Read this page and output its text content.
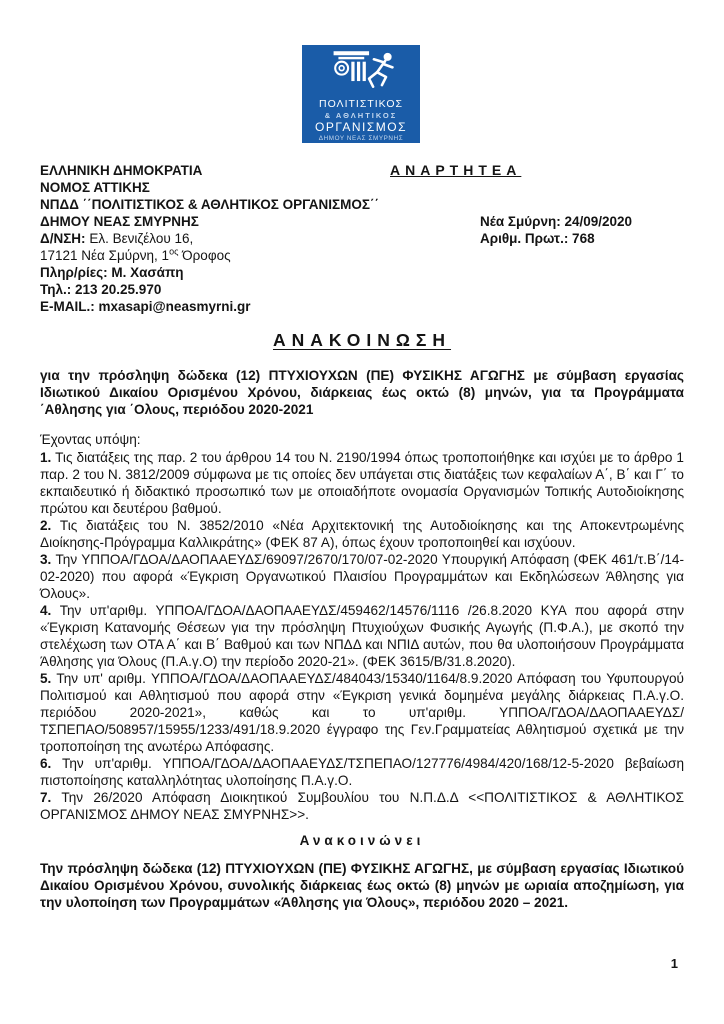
ΠΟΛΙΤΙΣΤΙΚΟΣ
& ΑΘΛΗΤΙΚΟΣ
ΟΡΓΑΝΙΣΜΟΣ
ΔΗΜΟΥ ΝΕΑΣ ΣΜΥΡΝΗΣ
ΕΛΛΗΝΙΚΗ ΔΗΜΟΚΡΑΤΙΑ
ΝΟΜΟΣ ΑΤΤΙΚΗΣ
ΝΠΔΔ ΄΄ΠΟΛΙΤΙΣΤΙΚΟΣ & ΑΘΛΗΤΙΚΟΣ ΟΡΓΑΝΙΣΜΟΣ΄΄
ΔΗΜΟΥ ΝΕΑΣ ΣΜΥΡΝΗΣ
Δ/ΝΣΗ: Ελ. Βενιζέλου 16,
17121 Νέα Σμύρνη, $1^{o\varsigma}$ Όροφος
Πληρ/ρίες: Μ. Χασάπη
Τηλ.: 213 20.25.970
E-MAIL.: mxasapi@neasmyrni.gr
ΑΝΑΡΤΗΤΕΑ
Νέα Σμύρνη: 24/09/2020
Αριθμ. Πρωτ.: 768
ΑΝΑΚΟΙΝΩΣΗ

για την πρόσληψη δώδεκα (12) ΠΤΥΧΙΟΥΧΩΝ (ΠΕ) ΦΥΣΙΚΗΣ ΑΓΩΓΗΣ με σύμβαση εργασίας Ιδιωτικού Δικαίου Ορισμένου Χρόνου, διάρκειας έως οκτώ (8) μηνών, για τα Προγράμματα ΄Αθλησης για ΄Ολους, περιόδου 2020-2021

Έχοντας υπόψη:

1. Τις διατάξεις της παρ. 2 του άρθρου 14 του Ν. 2190/1994 όπως τροποποιήθηκε και ισχύει με το άρθρο 1 παρ. 2 του Ν. 3812/2009 σύμφωνα με τις οποίες δεν υπάγεται στις διατάξεις των κεφαλαίων Α΄, Β΄ και Γ΄ το εκπαιδευτικό ή διδακτικό προσωπικό των με οποιαδήποτε ονομασία Οργανισμών Τοπικής Αυτοδιοίκησης πρώτου και δευτέρου βαθμού.

2. Τις διατάξεις του Ν. 3852/2010 «Νέα Αρχιτεκτονική της Αυτοδιοίκησης και της Αποκεντρωμένης Διοίκησης-Πρόγραμμα Καλλικράτης» (ΦΕΚ 87 Α), όπως έχουν τροποποιηθεί και ισχύουν.

3. Την ΥΠΠΟΑ/ΓΔΟΑ/ΔΑΟΠΑΑΕΥΔΣ/69097/2670/170/07-02-2020 Υπουργική Απόφαση (ΦΕΚ 461/τ.Β΄/14-02-2020) που αφορά «Έγκριση Οργανωτικού Πλαισίου Προγραμμάτων και Εκδηλώσεων Άθλησης για Όλους».

4. Την υπ'αριθμ. ΥΠΠΟΑ/ΓΔΟΑ/ΔΑΟΠΑΑΕΥΔΣ/459462/14576/1116 /26.8.2020 ΚΥΑ που αφορά στην «Έγκριση Κατανομής Θέσεων για την πρόσληψη Πτυχιούχων Φυσικής Αγωγής (Π.Φ.Α.), με σκοπό την στελέχωση των ΟΤΑ Α΄ και Β΄ Βαθμού και των ΝΠΔΔ και ΝΠΙΔ αυτών, που θα υλοποιήσουν Προγράμματα Άθλησης για Όλους (Π.Α.γ.Ο) την περίοδο 2020-21». (ΦΕΚ 3615/Β/31.8.2020).

5. Την υπ' αριθμ. ΥΠΠΟΑ/ΓΔΟΑ/ΔΑΟΠΑΑΕΥΔΣ/484043/15340/1164/8.9.2020 Απόφαση του Υφυπουργού Πολιτισμού και Αθλητισμού που αφορά στην «Έγκριση γενικά δομημένα μεγάλης διάρκειας Π.Α.γ.Ο. περιόδου 2020-2021», καθώς και το υπ'αριθμ. ΥΠΠΟΑ/ΓΔΟΑ/ΔΑΟΠΑΑΕΥΔΣ/ΤΣΠΕΠΑΟ/508957/15955/1233/491/18.9.2020 έγγραφο της Γεν.Γραμματείας Αθλητισμού σχετικά με την τροποποίηση της ανωτέρω Απόφασης.

6. Την υπ'αριθμ. ΥΠΠΟΑ/ΓΔΟΑ/ΔΑΟΠΑΑΕΥΔΣ/ΤΣΠΕΠΑΟ/127776/4984/420/168/12-5-2020 βεβαίωση πιστοποίησης καταλληλότητας υλοποίησης Π.Α.γ.Ο.

7. Την 26/2020 Απόφαση Διοικητικού Συμβουλίου του Ν.Π.Δ.Δ <<ΠΟΛΙΤΙΣΤΙΚΟΣ & ΑΘΛΗΤΙΚΟΣ ΟΡΓΑΝΙΣΜΟΣ ΔΗΜΟΥ ΝΕΑΣ ΣΜΥΡΝΗΣ>>.

Ανακοινώνει

Την πρόσληψη δώδεκα (12) ΠΤΥΧΙΟΥΧΩΝ (ΠΕ) ΦΥΣΙΚΗΣ ΑΓΩΓΗΣ, με σύμβαση εργασίας Ιδιωτικού Δικαίου Ορισμένου Χρόνου, συνολικής διάρκειας έως οκτώ (8) μηνών με ωριαία αποζημίωση, για την υλοποίηση των Προγραμμάτων «Άθλησης για Όλους», περιόδου 2020 – 2021.

1
